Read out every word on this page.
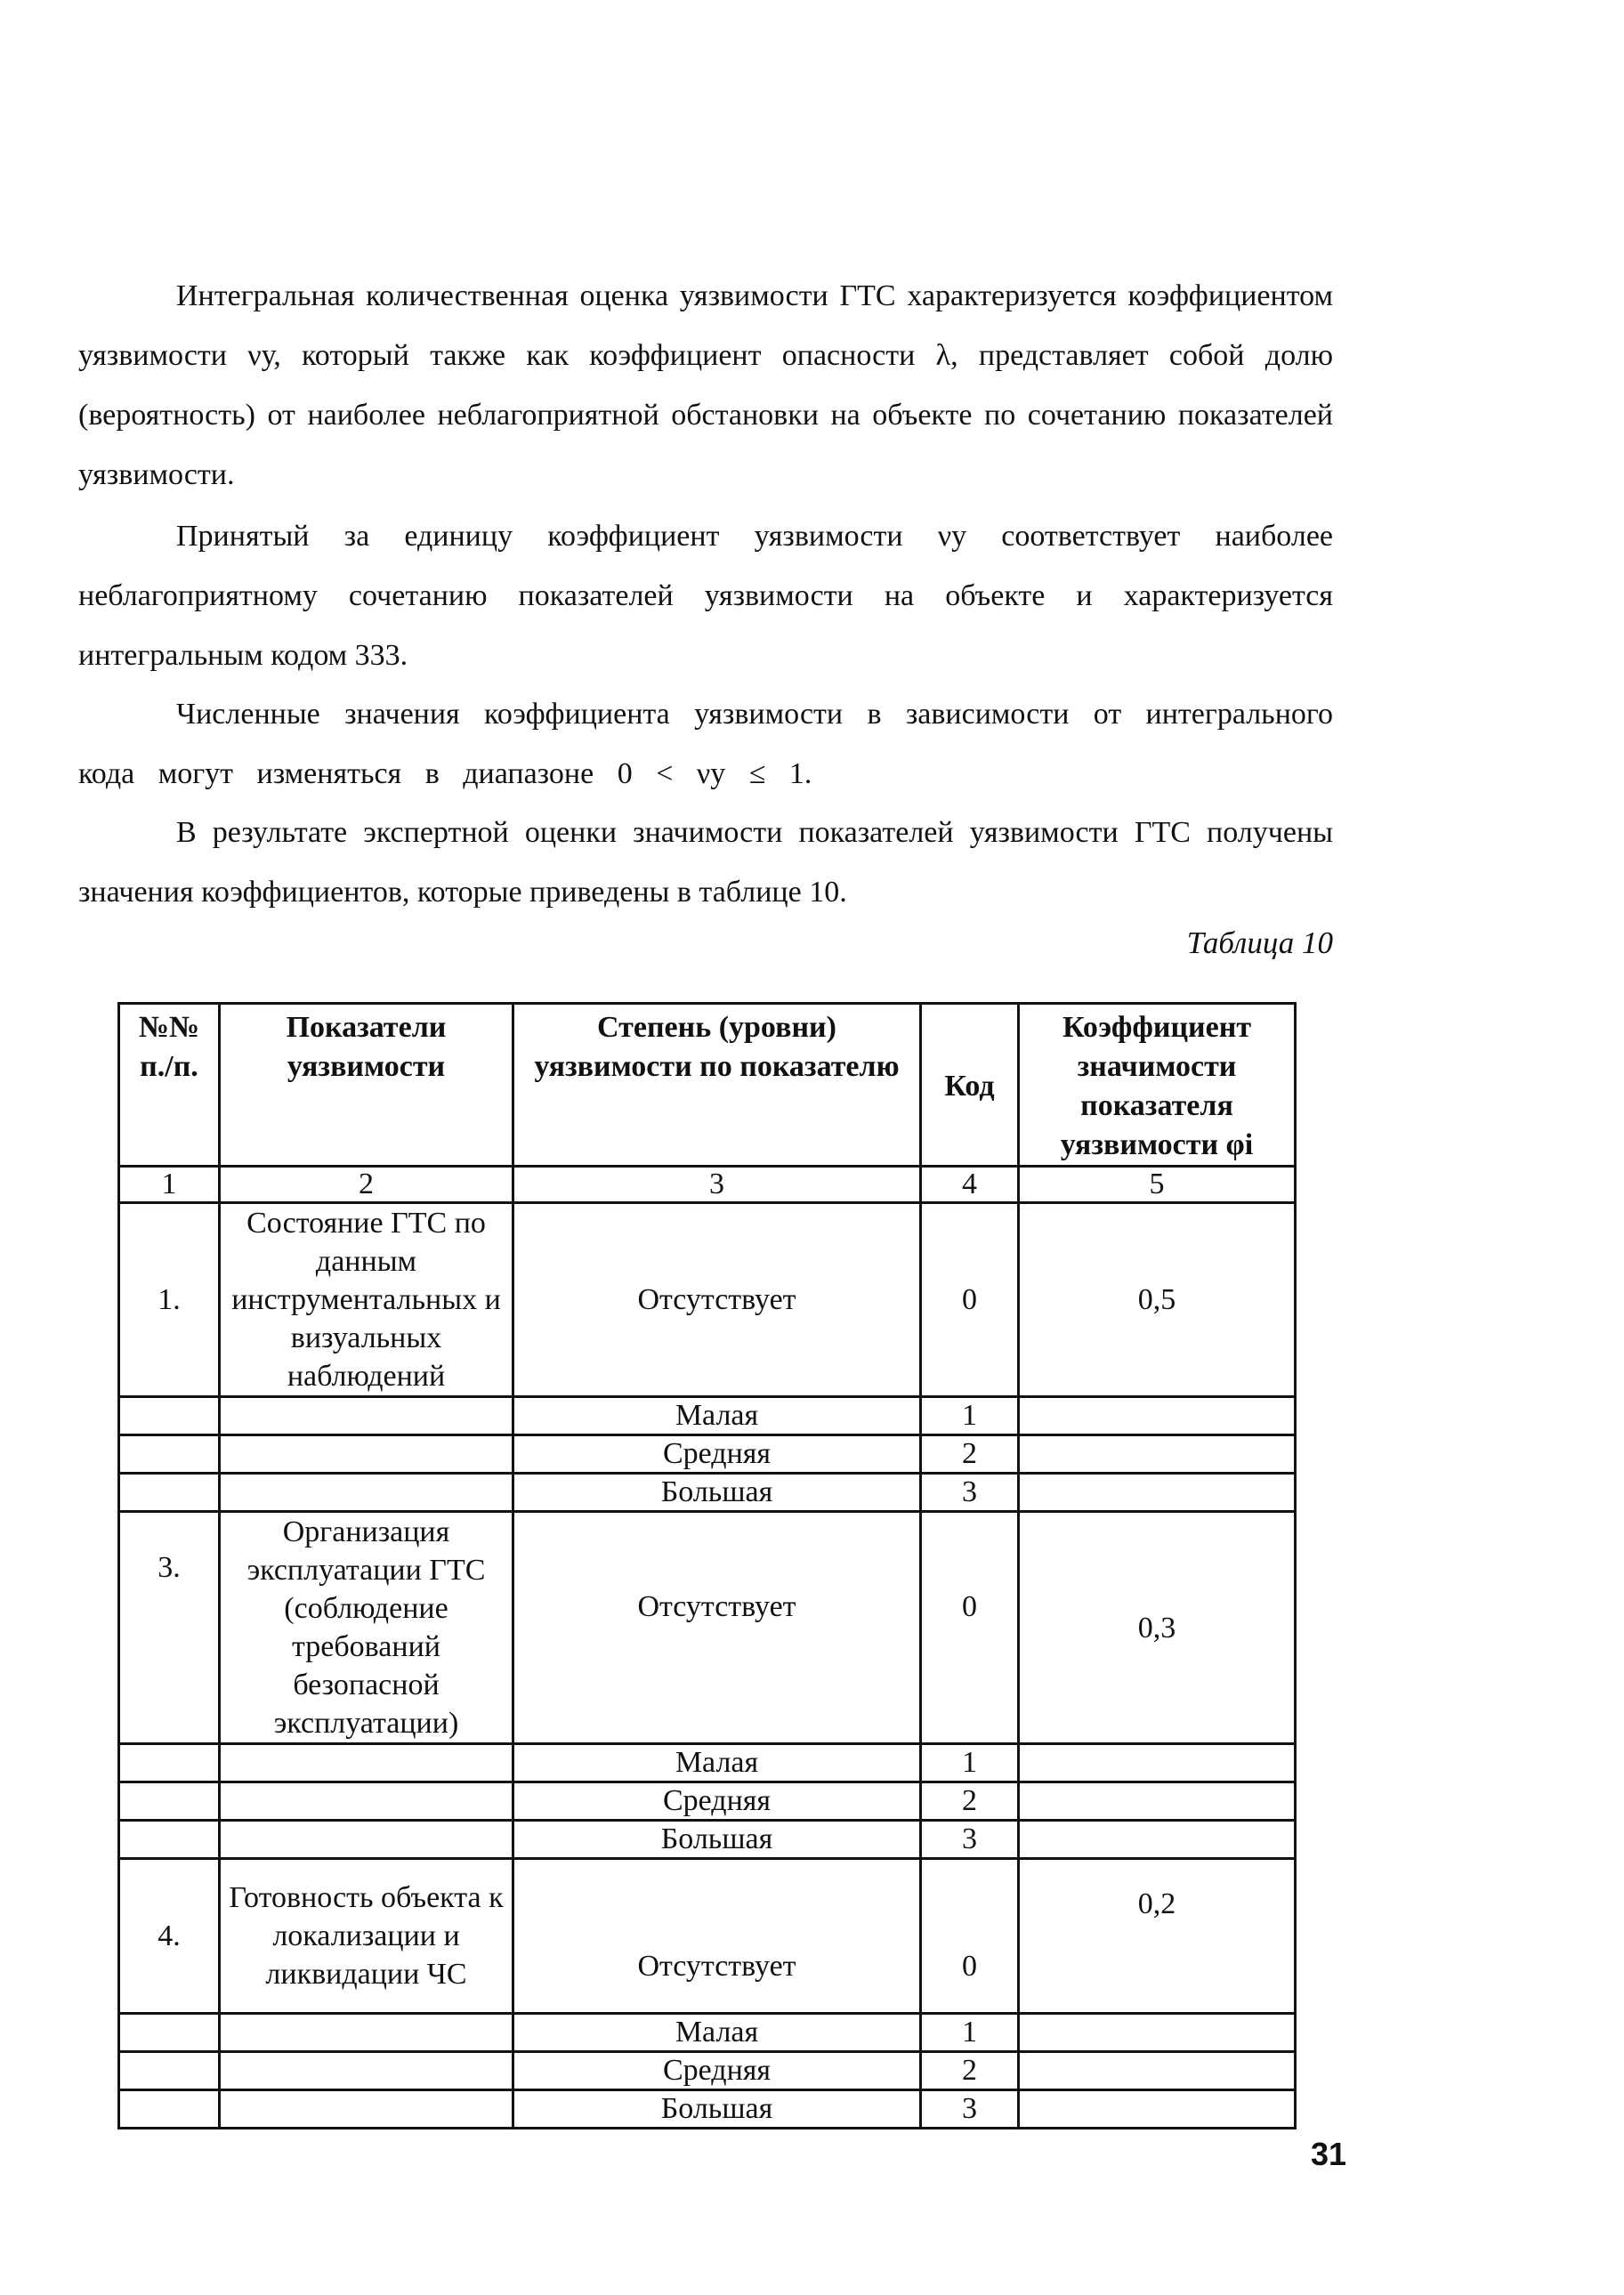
Интегральная количественная оценка уязвимости ГТС характеризуется коэффициентом уязвимости νу, который также как коэффициент опасности λ, представляет собой долю (вероятность) от наиболее неблагоприятной обстановки на объекте по сочетанию показателей уязвимости.

Принятый за единицу коэффициент уязвимости νу соответствует наиболее неблагоприятному сочетанию показателей уязвимости на объекте и характеризуется интегральным кодом 333.

Численные значения коэффициента уязвимости в зависимости от интегрального кода могут изменяться в диапазоне 0 < νу ≤ 1.

В результате экспертной оценки значимости показателей уязвимости ГТС получены значения коэффициентов, которые приведены в таблице 10.

Таблица 10
№№ п./п.	Показатели уязвимости	Степень (уровни) уязвимости по показателю	Код	Коэффициент значимости показателя уязвимости φi
1	2	3	4	5
1.	Состояние ГТС по данным инструментальных и визуальных наблюдений	Отсутствует	0	0,5
		Малая	1	
		Средняя	2	
		Большая	3	
3.	Организация эксплуатации ГТС (соблюдение требований безопасной эксплуатации)	Отсутствует	0	0,3
		Малая	1	
		Средняя	2	
		Большая	3	
4.	Готовность объекта к локализации и ликвидации ЧС	Отсутствует	0	0,2
		Малая	1	
		Средняя	2	
		Большая	3	
31
